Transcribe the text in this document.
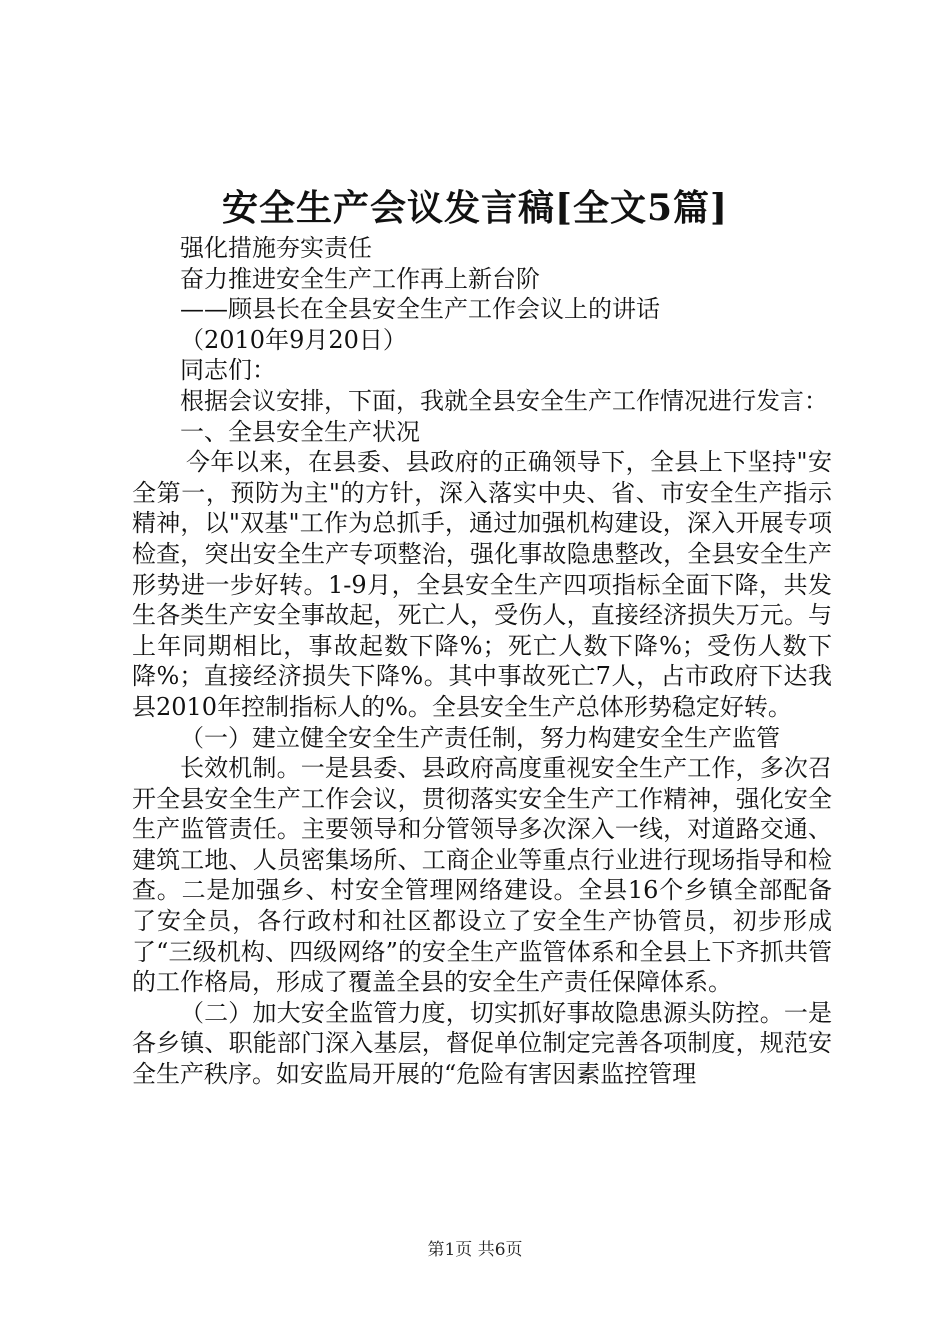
安全生产会议发言稿[全文5篇]

强化措施夯实责任

奋力推进安全生产工作再上新台阶

——顾县长在全县安全生产工作会议上的讲话

（2010年9月20日）

同志们：

根据会议安排，下面，我就全县安全生产工作情况进行发言：

一、全县安全生产状况

今年以来，在县委、县政府的正确领导下，全县上下坚持"安全第一，预防为主"的方针，深入落实中央、省、市安全生产指示精神，以"双基"工作为总抓手，通过加强机构建设，深入开展专项检查，突出安全生产专项整治，强化事故隐患整改，全县安全生产形势进一步好转。1-9月，全县安全生产四项指标全面下降，共发生各类生产安全事故起，死亡人，受伤人，直接经济损失万元。与上年同期相比，事故起数下降%；死亡人数下降%；受伤人数下降%；直接经济损失下降%。其中事故死亡7人，占市政府下达我县2010年控制指标人的%。全县安全生产总体形势稳定好转。

（一）建立健全安全生产责任制，努力构建安全生产监管

长效机制。一是县委、县政府高度重视安全生产工作，多次召开全县安全生产工作会议，贯彻落实安全生产工作精神，强化安全生产监管责任。主要领导和分管领导多次深入一线，对道路交通、建筑工地、人员密集场所、工商企业等重点行业进行现场指导和检查。二是加强乡、村安全管理网络建设。全县16个乡镇全部配备了安全员，各行政村和社区都设立了安全生产协管员，初步形成了“三级机构、四级网络”的安全生产监管体系和全县上下齐抓共管的工作格局，形成了覆盖全县的安全生产责任保障体系。

（二）加大安全监管力度，切实抓好事故隐患源头防控。一是各乡镇、职能部门深入基层，督促单位制定完善各项制度，规范安全生产秩序。如安监局开展的“危险有害因素监控管理

第1页 共6页
